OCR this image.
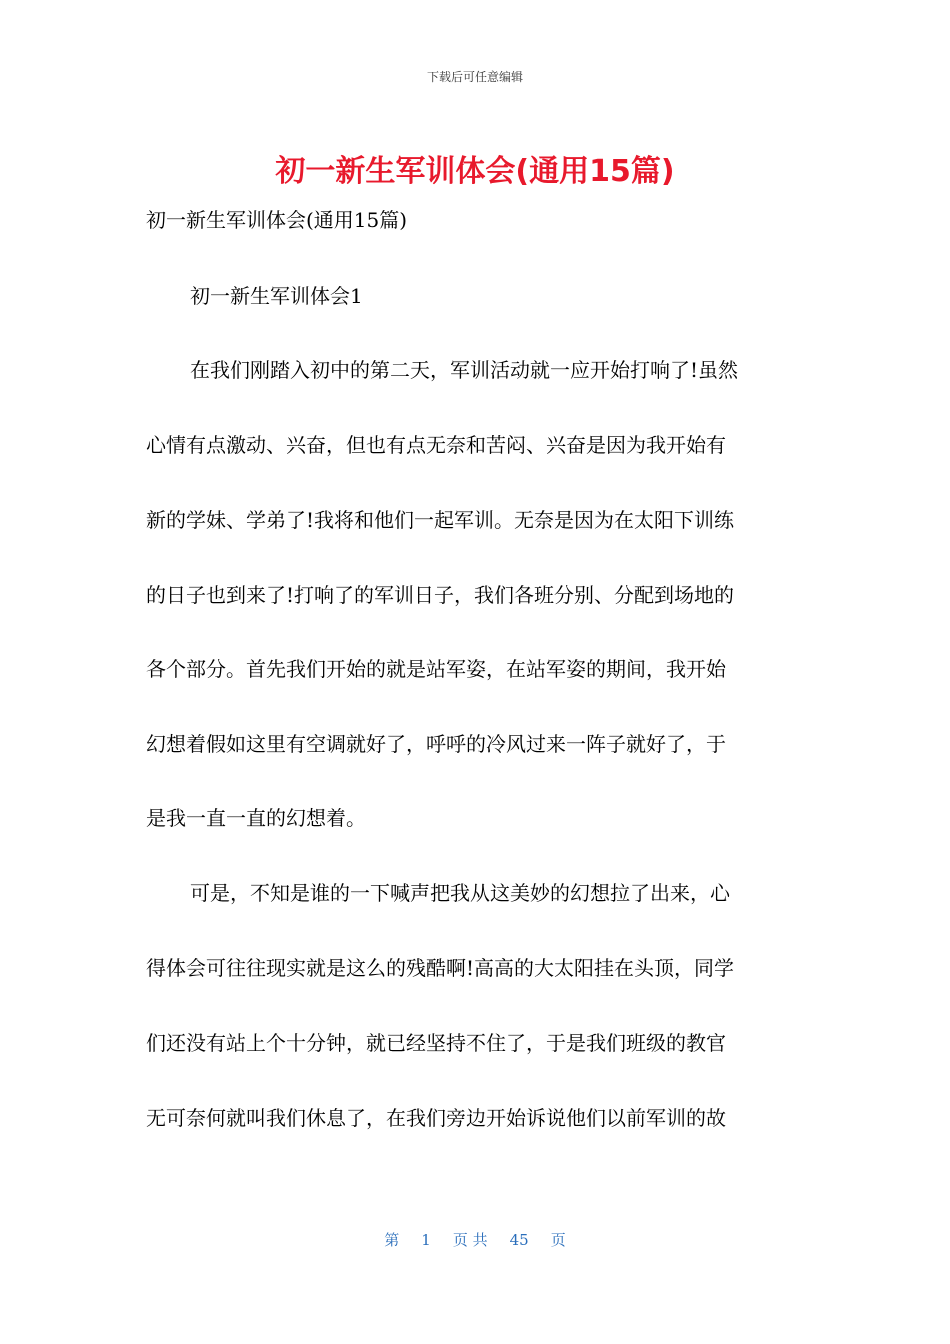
下载后可任意编辑
初一新生军训体会(通用15篇)
初一新生军训体会(通用15篇)
初一新生军训体会1
在我们刚踏入初中的第二天，军训活动就一应开始打响了!虽然
心情有点激动、兴奋，但也有点无奈和苦闷、兴奋是因为我开始有
新的学妹、学弟了!我将和他们一起军训。无奈是因为在太阳下训练
的日子也到来了!打响了的军训日子，我们各班分别、分配到场地的
各个部分。首先我们开始的就是站军姿，在站军姿的期间，我开始
幻想着假如这里有空调就好了，呼呼的冷风过来一阵子就好了，于
是我一直一直的幻想着。
可是，不知是谁的一下喊声把我从这美妙的幻想拉了出来，心
得体会可往往现实就是这么的残酷啊!高高的大太阳挂在头顶，同学
们还没有站上个十分钟，就已经坚持不住了，于是我们班级的教官
无可奈何就叫我们休息了，在我们旁边开始诉说他们以前军训的故
第 1 页 共 45 页
